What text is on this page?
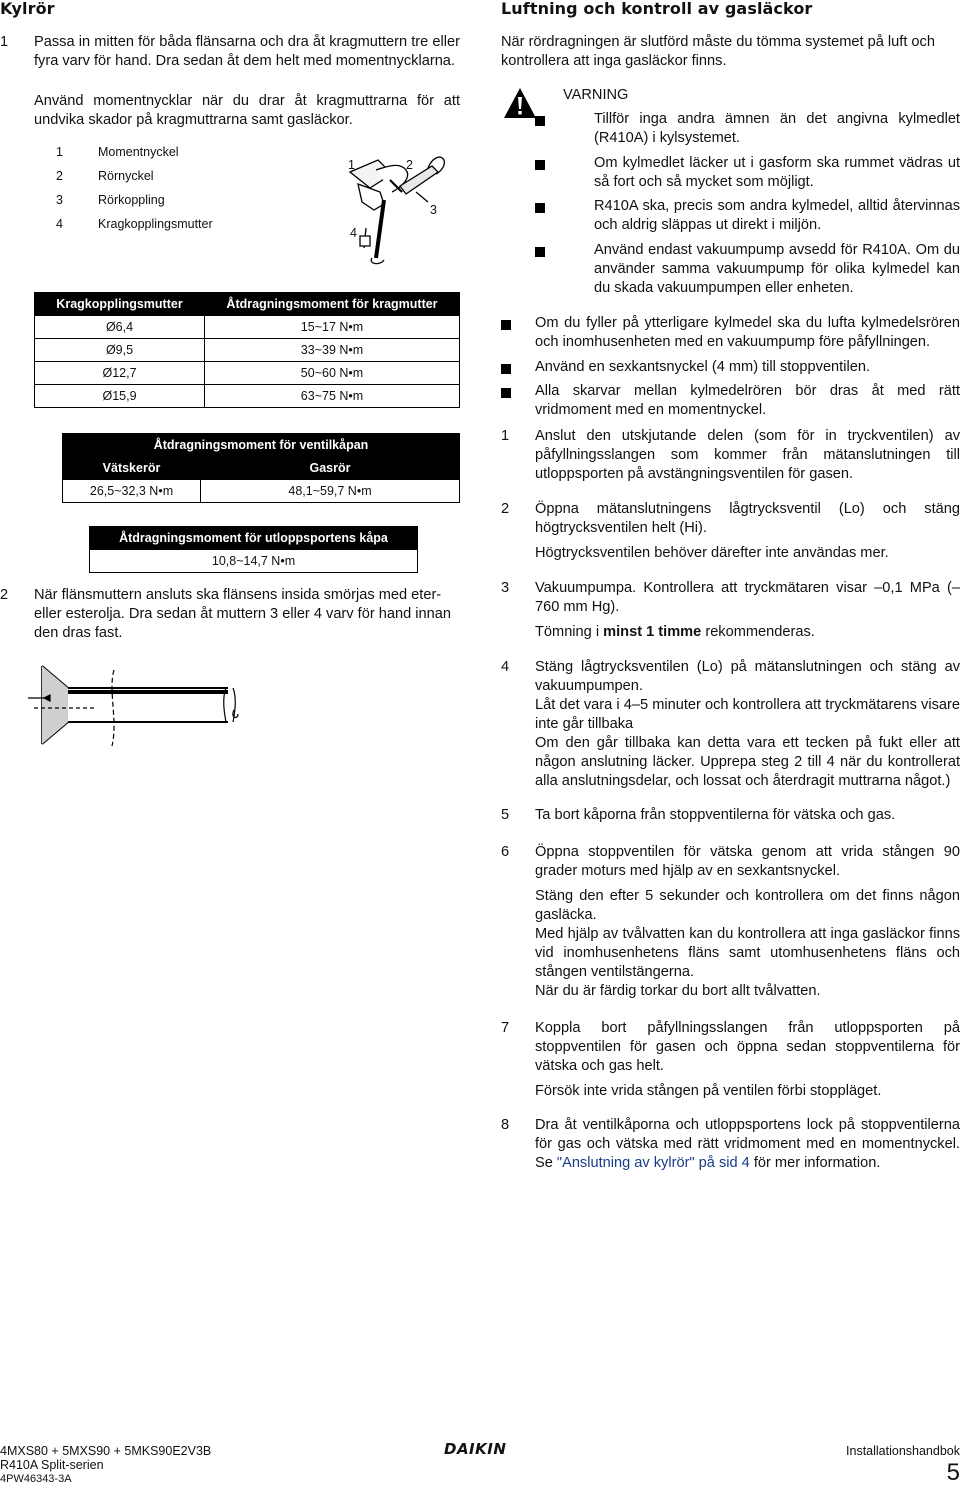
Kylrör
1 Passa in mitten för båda flänsarna och dra åt kragmuttern tre eller fyra varv för hand. Dra sedan åt dem helt med momentnycklarna.
Använd momentnycklar när du drar åt kragmuttrarna för att undvika skador på kragmuttrarna samt gasläckor.
1	Momentnyckel
2	Rörnyckel
3	Rörkoppling
4	Kragkopplingsmutter
1	2
3
4
Kragkopplingsmutter	Åtdragningsmoment för kragmutter
Ø6,4	15~17 N•m
Ø9,5	33~39 N•m
Ø12,7	50~60 N•m
Ø15,9	63~75 N•m
Åtdragningsmoment för ventilkåpan	
Vätskerör	Gasrör
26,5~32,3 N•m	48,1~59,7 N•m
Åtdragningsmoment för utloppsportens kåpa
10,8~14,7 N•m
2 När flänsmuttern ansluts ska flänsens insida smörjas med eter- eller esterolja. Dra sedan åt muttern 3 eller 4 varv för hand innan den dras fast.
Luftning och kontroll av gasläckor
När rördragningen är slutförd måste du tömma systemet på luft och kontrollera att inga gasläckor finns.
VARNING
Tillför inga andra ämnen än det angivna kylmedlet (R410A) i kylsystemet.
Om kylmedlet läcker ut i gasform ska rummet vädras ut så fort och så mycket som möjligt.
R410A ska, precis som andra kylmedel, alltid återvinnas och aldrig släppas ut direkt i miljön.
Använd endast vakuumpump avsedd för R410A. Om du använder samma vakuumpump för olika kylmedel kan du skada vakuumpumpen eller enheten.
Om du fyller på ytterligare kylmedel ska du lufta kylmedelsrören och inomhusenheten med en vakuumpump före påfyllningen.
Använd en sexkantsnyckel (4 mm) till stoppventilen.
Alla skarvar mellan kylmedelrören bör dras åt med rätt vridmoment med en momentnyckel.
1 Anslut den utskjutande delen (som för in tryckventilen) av påfyllningsslangen som kommer från mätanslutningen till utloppsporten på avstängningsventilen för gasen.
2 Öppna mätanslutningens lågtrycksventil (Lo) och stäng högtrycksventilen helt (Hi).
Högtrycksventilen behöver därefter inte användas mer.
3 Vakuumpumpa. Kontrollera att tryckmätaren visar –0,1 MPa (–760 mm Hg).
Tömning i minst 1 timme rekommenderas.
4 Stäng lågtrycksventilen (Lo) på mätanslutningen och stäng av vakuumpumpen.
Låt det vara i 4–5 minuter och kontrollera att tryckmätarens visare inte går tillbaka
Om den går tillbaka kan detta vara ett tecken på fukt eller att någon anslutning läcker. Upprepa steg 2 till 4 när du kontrollerat alla anslutningsdelar, och lossat och återdragit muttrarna något.)
5 Ta bort kåporna från stoppventilerna för vätska och gas.
6 Öppna stoppventilen för vätska genom att vrida stången 90 grader moturs med hjälp av en sexkantsnyckel.
Stäng den efter 5 sekunder och kontrollera om det finns någon gasläcka.
Med hjälp av tvålvatten kan du kontrollera att inga gasläckor finns vid inomhusenhetens fläns samt utomhusenhetens fläns och stången ventilstängerna.
När du är färdig torkar du bort allt tvålvatten.
7 Koppla bort påfyllningsslangen från utloppsporten på stoppventilen för gasen och öppna sedan stoppventilerna för vätska och gas helt.
Försök inte vrida stången på ventilen förbi stoppläget.
8 Dra åt ventilkåporna och utloppsportens lock på stoppventilerna för gas och vätska med rätt vridmoment med en momentnyckel. Se "Anslutning av kylrör" på sid 4 för mer information.
4MXS80 + 5MXS90 + 5MKS90E2V3B
R410A Split-serien
4PW46343-3A
DAIKIN	Installationshandbok
5
